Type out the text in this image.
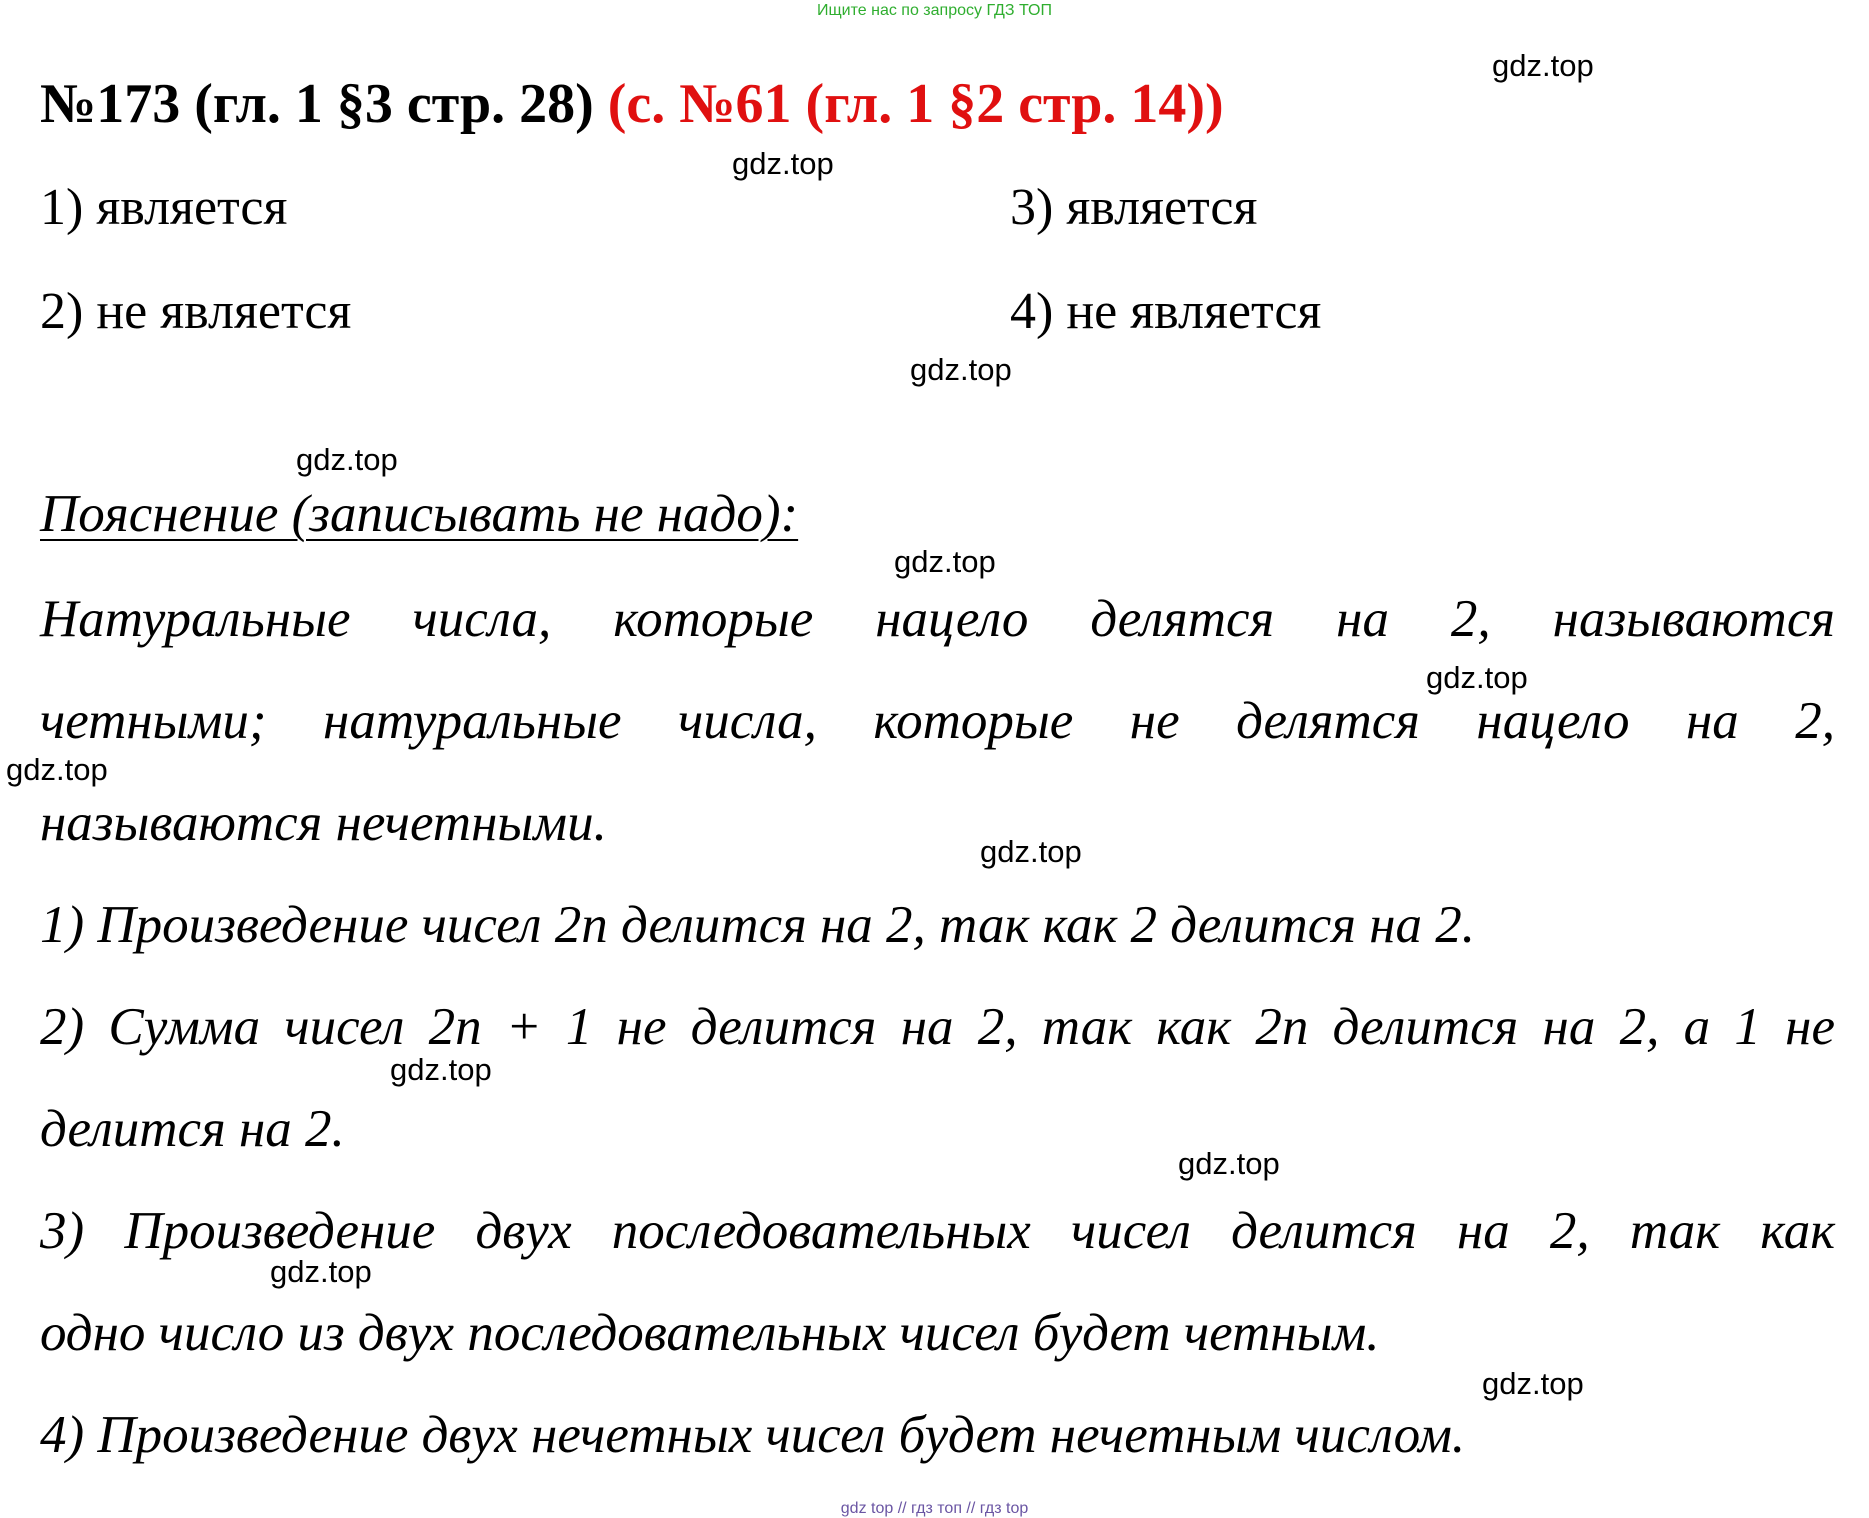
Ищите нас по запросу ГДЗ ТОП
№173 (гл. 1 §3 стр. 28) (с. №61 (гл. 1 §2 стр. 14))
1) является
2) не является
3) является
4) не является
Пояснение (записывать не надо):
Натуральные числа, которые нацело делятся на 2, называются
четными; натуральные числа, которые не делятся нацело на 2,
называются нечетными.
1) Произведение чисел 2n делится на 2, так как 2 делится на 2.
2) Сумма чисел 2n + 1 не делится на 2, так как 2n делится на 2, а 1 не
делится на 2.
3) Произведение двух последовательных чисел делится на 2, так как
одно число из двух последовательных чисел будет четным.
4) Произведение двух нечетных чисел будет нечетным числом.
gdz.top
gdz.top
gdz.top
gdz.top
gdz.top
gdz.top
gdz.top
gdz.top
gdz.top
gdz.top
gdz.top
gdz.top
gdz top // гдз топ // гдз top
